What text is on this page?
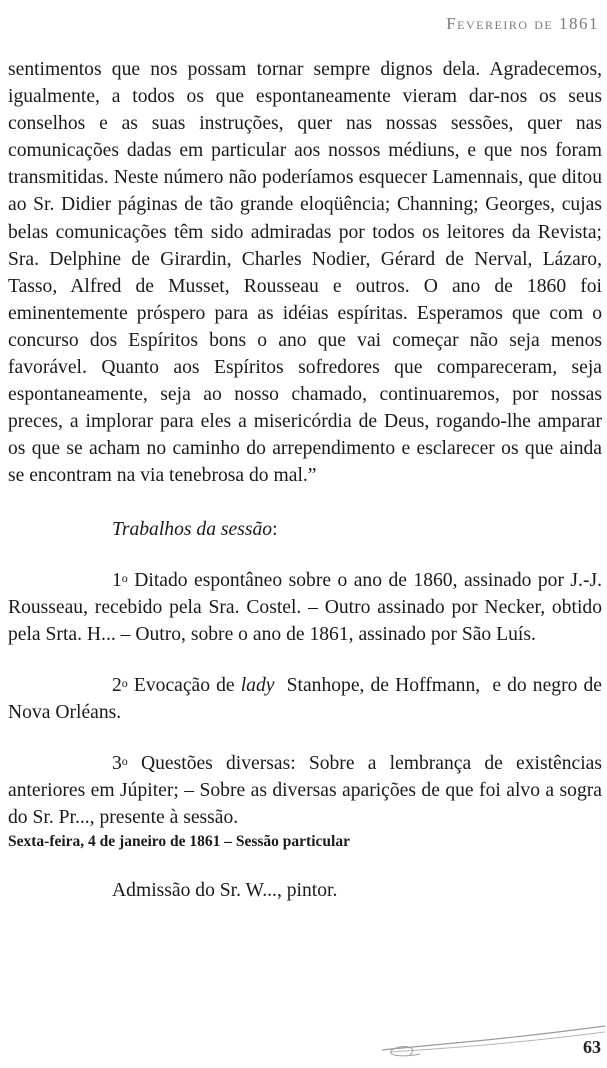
Fevereiro de 1861

sentimentos que nos possam tornar sempre dignos dela. Agradecemos, igualmente, a todos os que espontaneamente vieram dar-nos os seus conselhos e as suas instruções, quer nas nossas sessões, quer nas comunicações dadas em particular aos nossos médiuns, e que nos foram transmitidas. Neste número não poderíamos esquecer Lamennais, que ditou ao Sr. Didier páginas de tão grande eloqüência; Channing; Georges, cujas belas comunicações têm sido admiradas por todos os leitores da Revista; Sra. Delphine de Girardin, Charles Nodier, Gérard de Nerval, Lázaro, Tasso, Alfred de Musset, Rousseau e outros. O ano de 1860 foi eminentemente próspero para as idéias espíritas. Esperamos que com o concurso dos Espíritos bons o ano que vai começar não seja menos favorável. Quanto aos Espíritos sofredores que compareceram, seja espontaneamente, seja ao nosso chamado, continuaremos, por nossas preces, a implorar para eles a misericórdia de Deus, rogando-lhe amparar os que se acham no caminho do arrependimento e esclarecer os que ainda se encontram na via tenebrosa do mal.”

Trabalhos da sessão:

1$^o$ Ditado espontâneo sobre o ano de 1860, assinado por J.-J. Rousseau, recebido pela Sra. Costel. – Outro assinado por Necker, obtido pela Srta. H... – Outro, sobre o ano de 1861, assinado por São Luís.

2$^o$ Evocação de lady  Stanhope, de Hoffmann,  e do negro de Nova Orléans.

3$^o$ Questões diversas: Sobre a lembrança de existências anteriores em Júpiter; – Sobre as diversas aparições de que foi alvo a sogra do Sr. Pr..., presente à sessão.

Sexta-feira, 4 de janeiro de 1861 – Sessão particular

Admissão do Sr. W..., pintor.

63
